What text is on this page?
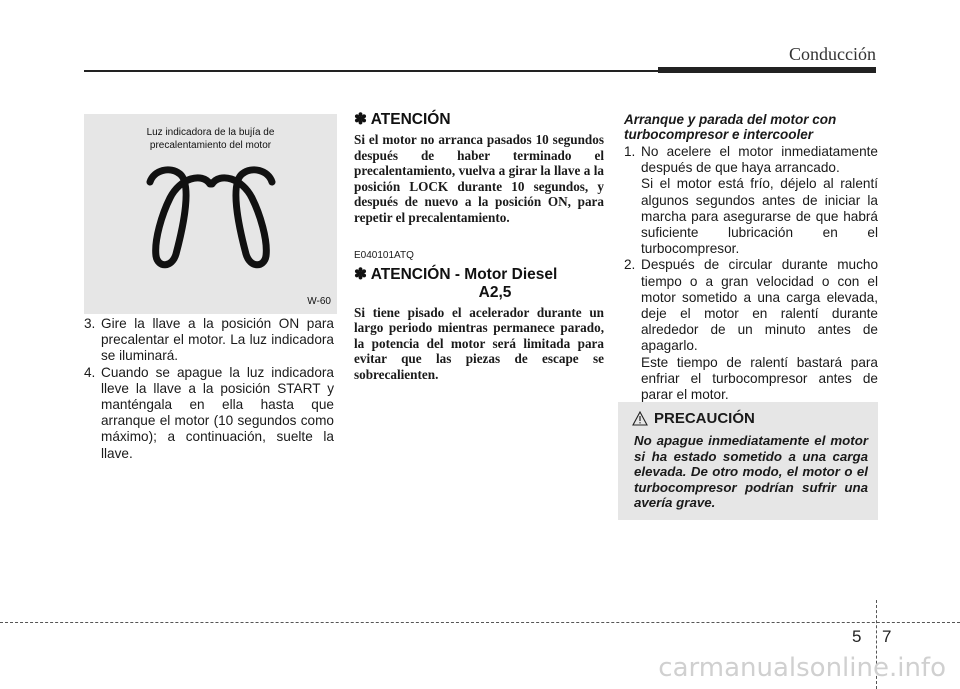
Conducción
Luz indicadora de la bujía de precalentamiento del motor
W-60
3. Gire la llave a la posición ON para precalentar el motor. La luz indicadora se iluminará.
4. Cuando se apague la luz indicadora lleve la llave a la posición START y manténgala en ella hasta que arranque el motor (10 segundos como máximo); a continuación, suelte la llave.
✽ ATENCIÓN

Si el motor no arranca pasados 10 segundos después de haber terminado el precalentamiento, vuelva a girar la llave a la posición LOCK durante 10 segundos, y después de nuevo a la posición ON, para repetir el precalentamiento.

E040101ATQ
✽ ATENCIÓN - Motor Diesel
A2,5

Si tiene pisado el acelerador durante un largo periodo mientras permanece parado, la potencia del motor será limitada para evitar que las piezas de escape se sobrecalienten.

Arranque y parada del motor con turbocompresor e intercooler
1. No acelere el motor inmediatamente después de que haya arrancado.
Si el motor está frío, déjelo al ralentí algunos segundos antes de iniciar la marcha para asegurarse de que habrá suficiente lubricación en el turbocompresor.
2. Después de circular durante mucho tiempo o a gran velocidad o con el motor sometido a una carga elevada, deje el motor en ralentí durante alrededor de un minuto antes de apagarlo.
Este tiempo de ralentí bastará para enfriar el turbocompresor antes de parar el motor.
PRECAUCIÓN
No apague inmediatamente el motor si ha estado sometido a una carga elevada. De otro modo, el motor o el turbocompresor podrían sufrir una avería grave.
5 7
carmanualsonline.info
